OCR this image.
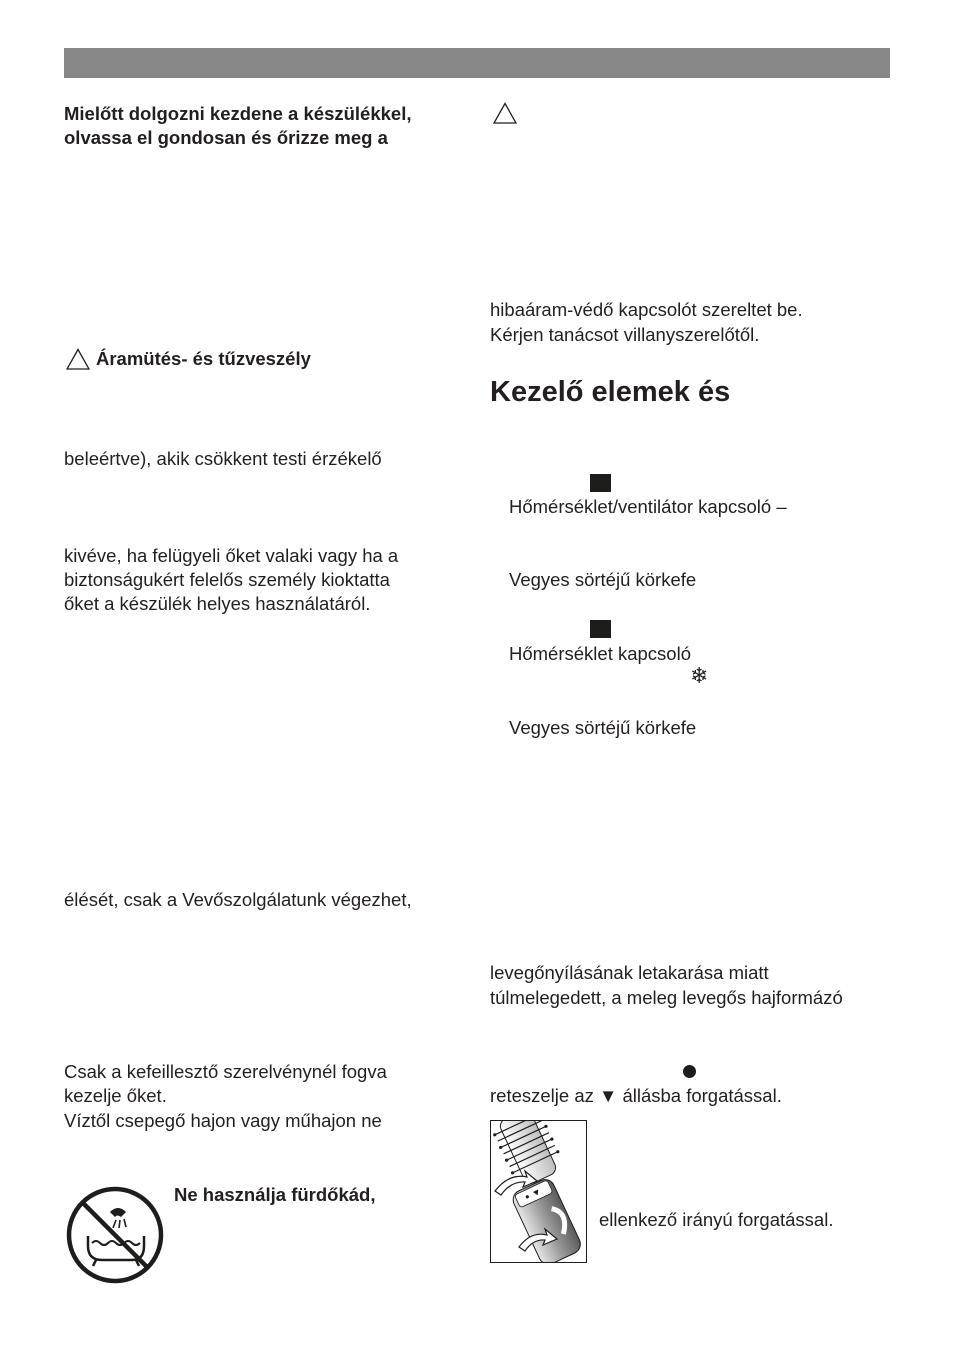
Mielőtt dolgozni kezdene a készülékkel,
olvassa el gondosan és őrizze meg a
Áramütés- és tűzveszély
beleértve), akik csökkent testi érzékelő
kivéve, ha felügyeli őket valaki vagy ha a
biztonságukért felelős személy kioktatta
őket a készülék helyes használatáról.
élését, csak a Vevőszolgálatunk végezhet,
Csak a kefeillesztő szerelvénynél fogva
kezelje őket.
Víztől csepegő hajon vagy műhajon ne
Ne használja fürdőkád,
hibaáram-védő kapcsolót szereltet be.
Kérjen tanácsot villanyszerelőtől.
Kezelő elemek és
Hőmérséklet/ventilátor kapcsoló –
Vegyes sörtéjű körkefe
Hőmérséklet kapcsoló
❄
Vegyes sörtéjű körkefe
levegőnyílásának letakarása miatt
túlmelegedett, a meleg levegős hajformázó
reteszelje az ▼ állásba forgatással.
ellenkező irányú forgatással.
